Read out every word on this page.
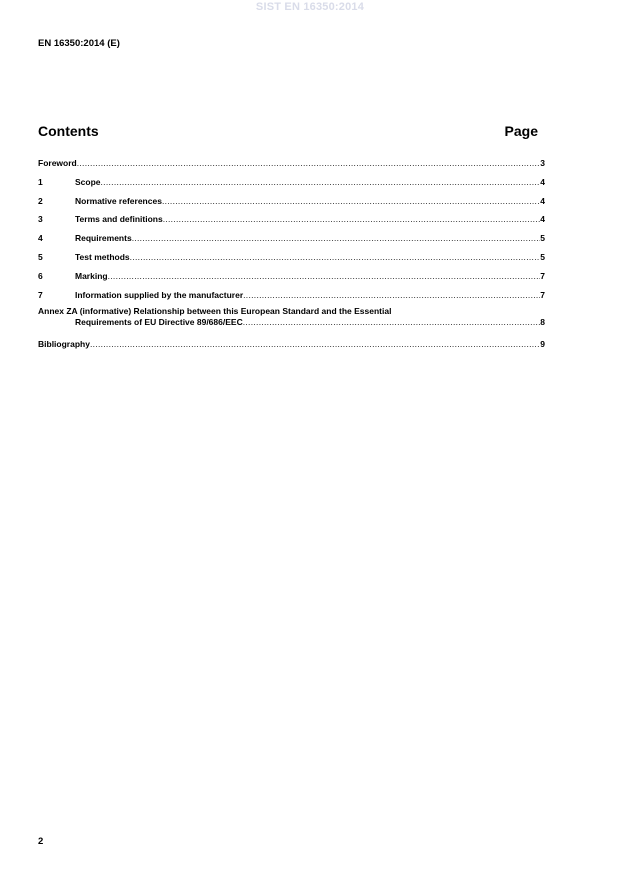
SIST EN 16350:2014
EN 16350:2014 (E)
Contents	Page
Foreword .....	3
1	Scope .....	4
2	Normative references .....	4
3	Terms and definitions .....	4
4	Requirements .....	5
5	Test methods .....	5
6	Marking .....	7
7	Information supplied by the manufacturer .....	7
Annex ZA (informative) Relationship between this European Standard and the Essential
Requirements of EU Directive 89/686/EEC .....	8
Bibliography .....	9
2
